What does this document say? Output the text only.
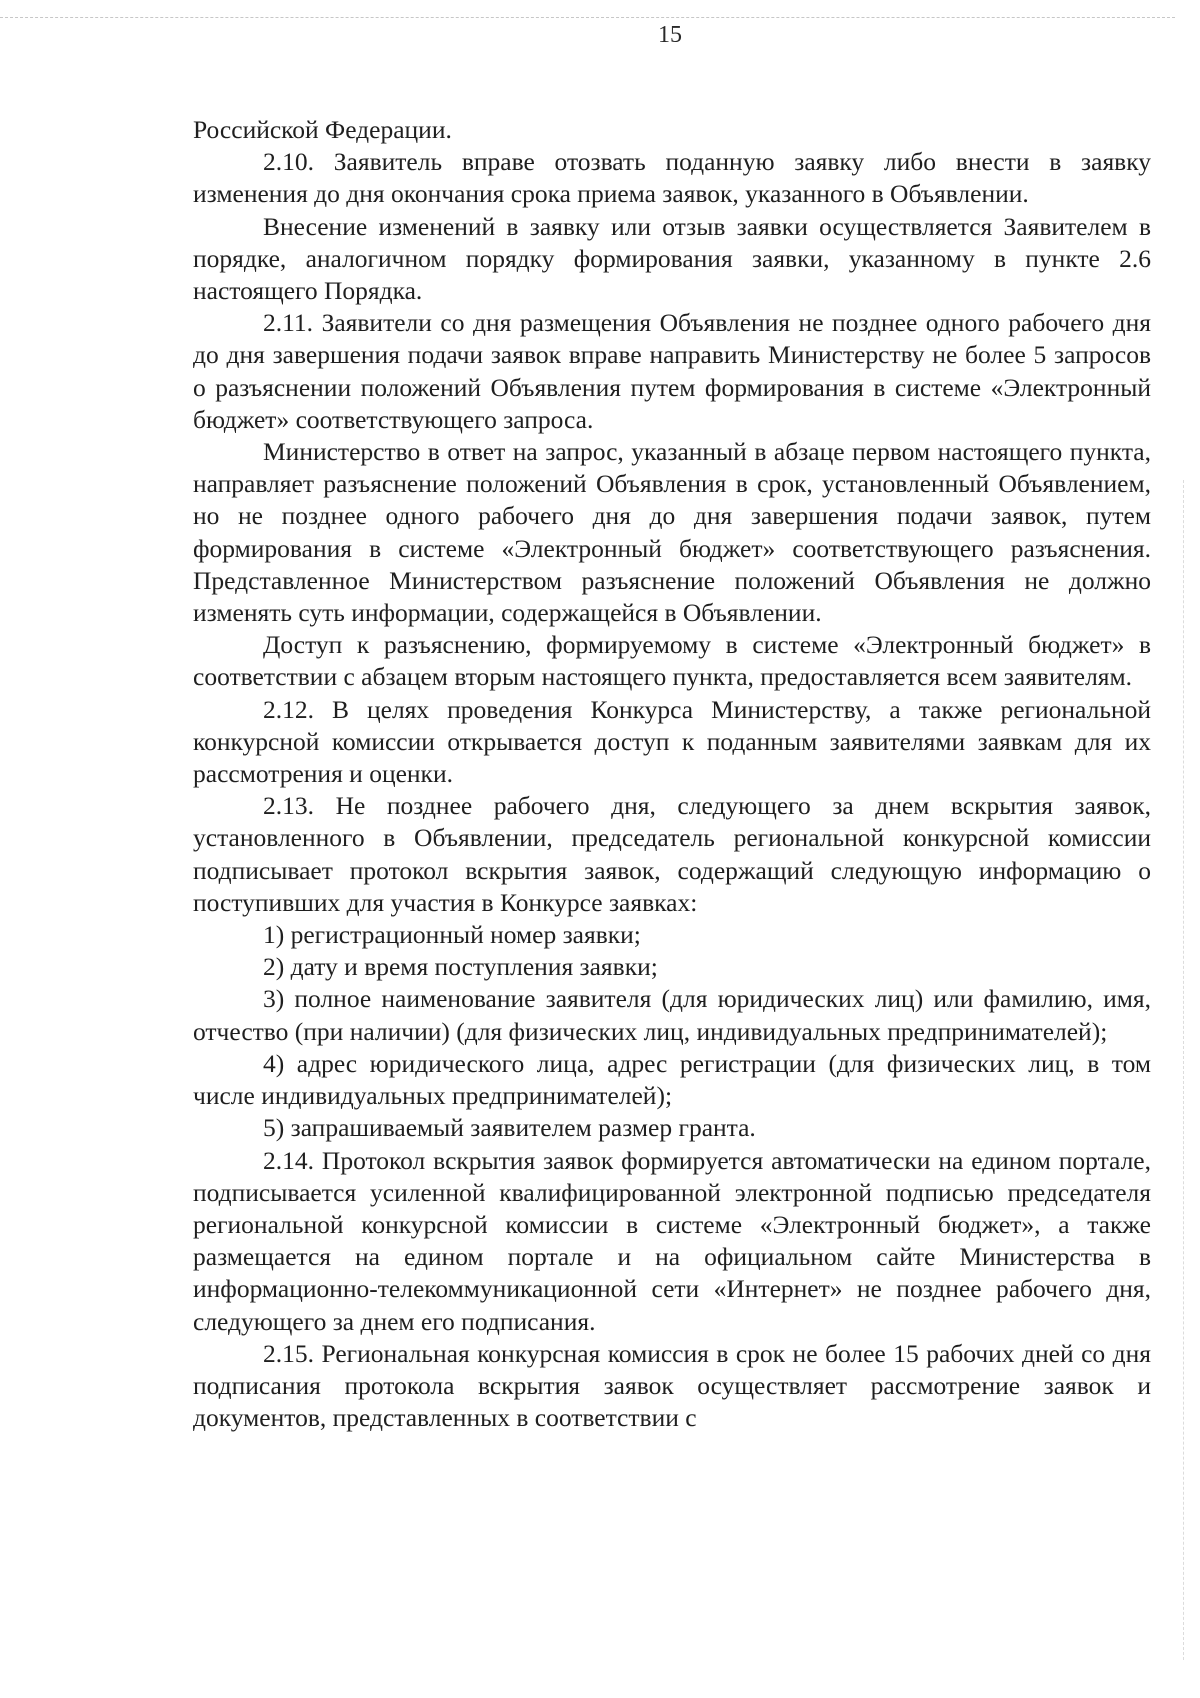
15

Российской Федерации.

2.10. Заявитель вправе отозвать поданную заявку либо внести в заявку изменения до дня окончания срока приема заявок, указанного в Объявлении.

Внесение изменений в заявку или отзыв заявки осуществляется Заявителем в порядке, аналогичном порядку формирования заявки, указанному в пункте 2.6 настоящего Порядка.

2.11. Заявители со дня размещения Объявления не позднее одного рабочего дня до дня завершения подачи заявок вправе направить Министерству не более 5 запросов о разъяснении положений Объявления путем формирования в системе «Электронный бюджет» соответствующего запроса.

Министерство в ответ на запрос, указанный в абзаце первом настоящего пункта, направляет разъяснение положений Объявления в срок, установленный Объявлением, но не позднее одного рабочего дня до дня завершения подачи заявок, путем формирования в системе «Электронный бюджет» соответствующего разъяснения. Представленное Министерством разъяснение положений Объявления не должно изменять суть информации, содержащейся в Объявлении.

Доступ к разъяснению, формируемому в системе «Электронный бюджет» в соответствии с абзацем вторым настоящего пункта, предоставляется всем заявителям.

2.12. В целях проведения Конкурса Министерству, а также региональной конкурсной комиссии открывается доступ к поданным заявителями заявкам для их рассмотрения и оценки.

2.13. Не позднее рабочего дня, следующего за днем вскрытия заявок, установленного в Объявлении, председатель региональной конкурсной комиссии подписывает протокол вскрытия заявок, содержащий следующую информацию о поступивших для участия в Конкурсе заявках:

1) регистрационный номер заявки;

2) дату и время поступления заявки;

3) полное наименование заявителя (для юридических лиц) или фамилию, имя, отчество (при наличии) (для физических лиц, индивидуальных предпринимателей);

4) адрес юридического лица, адрес регистрации (для физических лиц, в том числе индивидуальных предпринимателей);

5) запрашиваемый заявителем размер гранта.

2.14. Протокол вскрытия заявок формируется автоматически на едином портале, подписывается усиленной квалифицированной электронной подписью председателя региональной конкурсной комиссии в системе «Электронный бюджет», а также размещается на едином портале и на официальном сайте Министерства в информационно-телекоммуникационной сети «Интернет» не позднее рабочего дня, следующего за днем его подписания.

2.15. Региональная конкурсная комиссия в срок не более 15 рабочих дней со дня подписания протокола вскрытия заявок осуществляет рассмотрение заявок и документов, представленных в соответствии с
